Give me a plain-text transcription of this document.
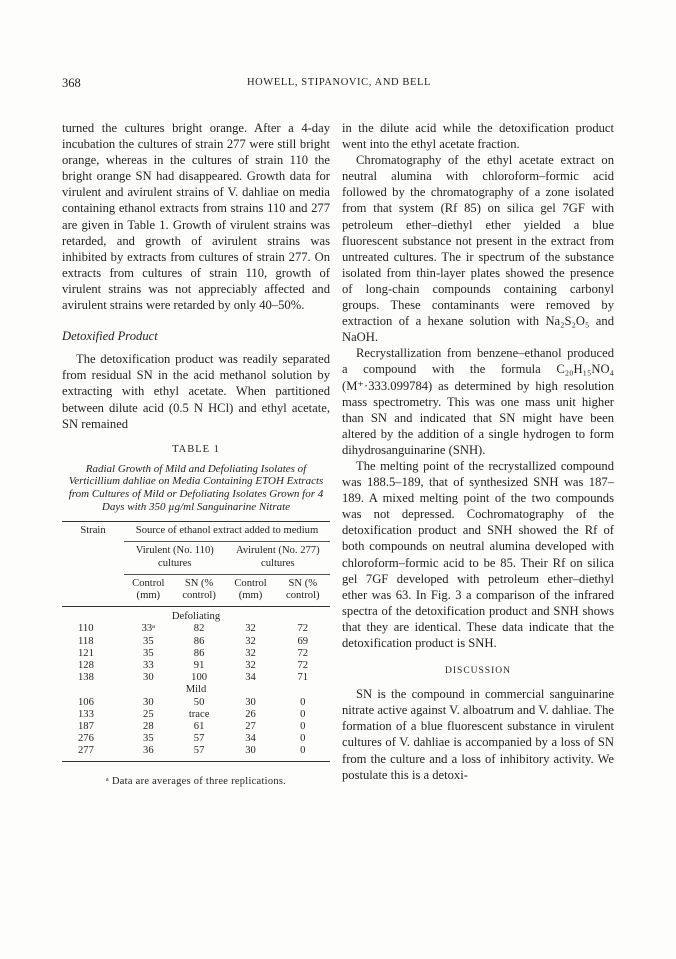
368	HOWELL, STIPANOVIC, AND BELL

turned the cultures bright orange. After a 4-day incubation the cultures of strain 277 were still bright orange, whereas in the cultures of strain 110 the bright orange SN had disappeared. Growth data for virulent and avirulent strains of V. dahliae on media containing ethanol extracts from strains 110 and 277 are given in Table 1. Growth of virulent strains was retarded, and growth of avirulent strains was inhibited by extracts from cultures of strain 277. On extracts from cultures of strain 110, growth of virulent strains was not appreciably affected and avirulent strains were retarded by only 40–50%.

Detoxified Product

The detoxification product was readily separated from residual SN in the acid methanol solution by extracting with ethyl acetate. When partitioned between dilute acid (0.5 N HCl) and ethyl acetate, SN remained

TABLE 1
Radial Growth of Mild and Defoliating Isolates of Verticillium dahliae on Media Containing ETOH Extracts from Cultures of Mild or Defoliating Isolates Grown for 4 Days with 350 µg/ml Sanguinarine Nitrate
Strain	Source of ethanol extract added to medium			
	Virulent (No. 110) cultures		Avirulent (No. 277) cultures	
	Control (mm)	SN (% control)	Control (mm)	SN (% control)
Defoliating				
110	33ᵃ	82	32	72
118	35	86	32	69
121	35	86	32	72
128	33	91	32	72
138	30	100	34	71
Mild				
106	30	50	30	0
133	25	trace	26	0
187	28	61	27	0
276	35	57	34	0
277	36	57	30	0
ᵃ Data are averages of three replications.

in the dilute acid while the detoxification product went into the ethyl acetate fraction.

Chromatography of the ethyl acetate extract on neutral alumina with chloroform–formic acid followed by the chromatography of a zone isolated from that system (Rf 85) on silica gel 7GF with petroleum ether–diethyl ether yielded a blue fluorescent substance not present in the extract from untreated cultures. The ir spectrum of the substance isolated from thin-layer plates showed the presence of long-chain compounds containing carbonyl groups. These contaminants were removed by extraction of a hexane solution with Na₂S₂O₅ and NaOH.

Recrystallization from benzene–ethanol produced a compound with the formula C₂₀H₁₅NO₄ (M⁺·333.099784) as determined by high resolution mass spectrometry. This was one mass unit higher than SN and indicated that SN might have been altered by the addition of a single hydrogen to form dihydrosanguinarine (SNH).

The melting point of the recrystallized compound was 188.5–189, that of synthesized SNH was 187–189. A mixed melting point of the two compounds was not depressed. Cochromatography of the detoxification product and SNH showed the Rf of both compounds on neutral alumina developed with chloroform–formic acid to be 85. Their Rf on silica gel 7GF developed with petroleum ether–diethyl ether was 63. In Fig. 3 a comparison of the infrared spectra of the detoxification product and SNH shows that they are identical. These data indicate that the detoxification product is SNH.

DISCUSSION

SN is the compound in commercial sanguinarine nitrate active against V. alboatrum and V. dahliae. The formation of a blue fluorescent substance in virulent cultures of V. dahliae is accompanied by a loss of SN from the culture and a loss of inhibitory activity. We postulate this is a detoxi-
